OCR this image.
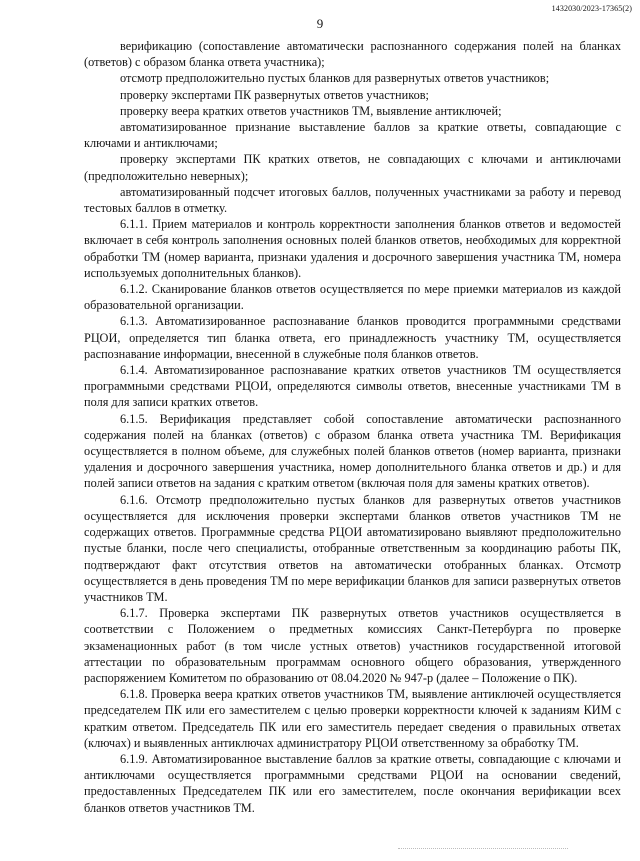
1432030/2023-17365(2)
9

верификацию (сопоставление автоматически распознанного содержания полей на бланках (ответов) с образом бланка ответа участника);

отсмотр предположительно пустых бланков для развернутых ответов участников;

проверку экспертами ПК развернутых ответов участников;

проверку веера кратких ответов участников ТМ, выявление антиключей;

автоматизированное признание выставление баллов за краткие ответы, совпадающие с ключами и антиключами;

проверку экспертами ПК кратких ответов, не совпадающих с ключами и антиключами (предположительно неверных);

автоматизированный подсчет итоговых баллов, полученных участниками за работу и перевод тестовых баллов в отметку.

6.1.1. Прием материалов и контроль корректности заполнения бланков ответов и ведомостей включает в себя контроль заполнения основных полей бланков ответов, необходимых для корректной обработки ТМ (номер варианта, признаки удаления и досрочного завершения участника ТМ, номера используемых дополнительных бланков).

6.1.2. Сканирование бланков ответов осуществляется по мере приемки материалов из каждой образовательной организации.

6.1.3. Автоматизированное распознавание бланков проводится программными средствами РЦОИ, определяется тип бланка ответа, его принадлежность участнику ТМ, осуществляется распознавание информации, внесенной в служебные поля бланков ответов.

6.1.4. Автоматизированное распознавание кратких ответов участников ТМ осуществляется программными средствами РЦОИ, определяются символы ответов, внесенные участниками ТМ в поля для записи кратких ответов.

6.1.5. Верификация представляет собой сопоставление автоматически распознанного содержания полей на бланках (ответов) с образом бланка ответа участника ТМ. Верификация осуществляется в полном объеме, для служебных полей бланков ответов (номер варианта, признаки удаления и досрочного завершения участника, номер дополнительного бланка ответов и др.) и для полей записи ответов на задания с кратким ответом (включая поля для замены кратких ответов).

6.1.6. Отсмотр предположительно пустых бланков для развернутых ответов участников осуществляется для исключения проверки экспертами бланков ответов участников ТМ не содержащих ответов. Программные средства РЦОИ автоматизировано выявляют предположительно пустые бланки, после чего специалисты, отобранные ответственным за координацию работы ПК, подтверждают факт отсутствия ответов на автоматически отобранных бланках. Отсмотр осуществляется в день проведения ТМ по мере верификации бланков для записи развернутых ответов участников ТМ.

6.1.7. Проверка экспертами ПК развернутых ответов участников осуществляется в соответствии с Положением о предметных комиссиях Санкт-Петербурга по проверке экзаменационных работ (в том числе устных ответов) участников государственной итоговой аттестации по образовательным программам основного общего образования, утвержденного распоряжением Комитетом по образованию от 08.04.2020 № 947-р (далее – Положение о ПК).

6.1.8. Проверка веера кратких ответов участников ТМ, выявление антиключей осуществляется председателем ПК или его заместителем с целью проверки корректности ключей к заданиям КИМ с кратким ответом. Председатель ПК или его заместитель передает сведения о правильных ответах (ключах) и выявленных антиключах администратору РЦОИ ответственному за обработку ТМ.

6.1.9. Автоматизированное выставление баллов за краткие ответы, совпадающие с ключами и антиключами осуществляется программными средствами РЦОИ на основании сведений, предоставленных Председателем ПК или его заместителем, после окончания верификации всех бланков ответов участников ТМ.
